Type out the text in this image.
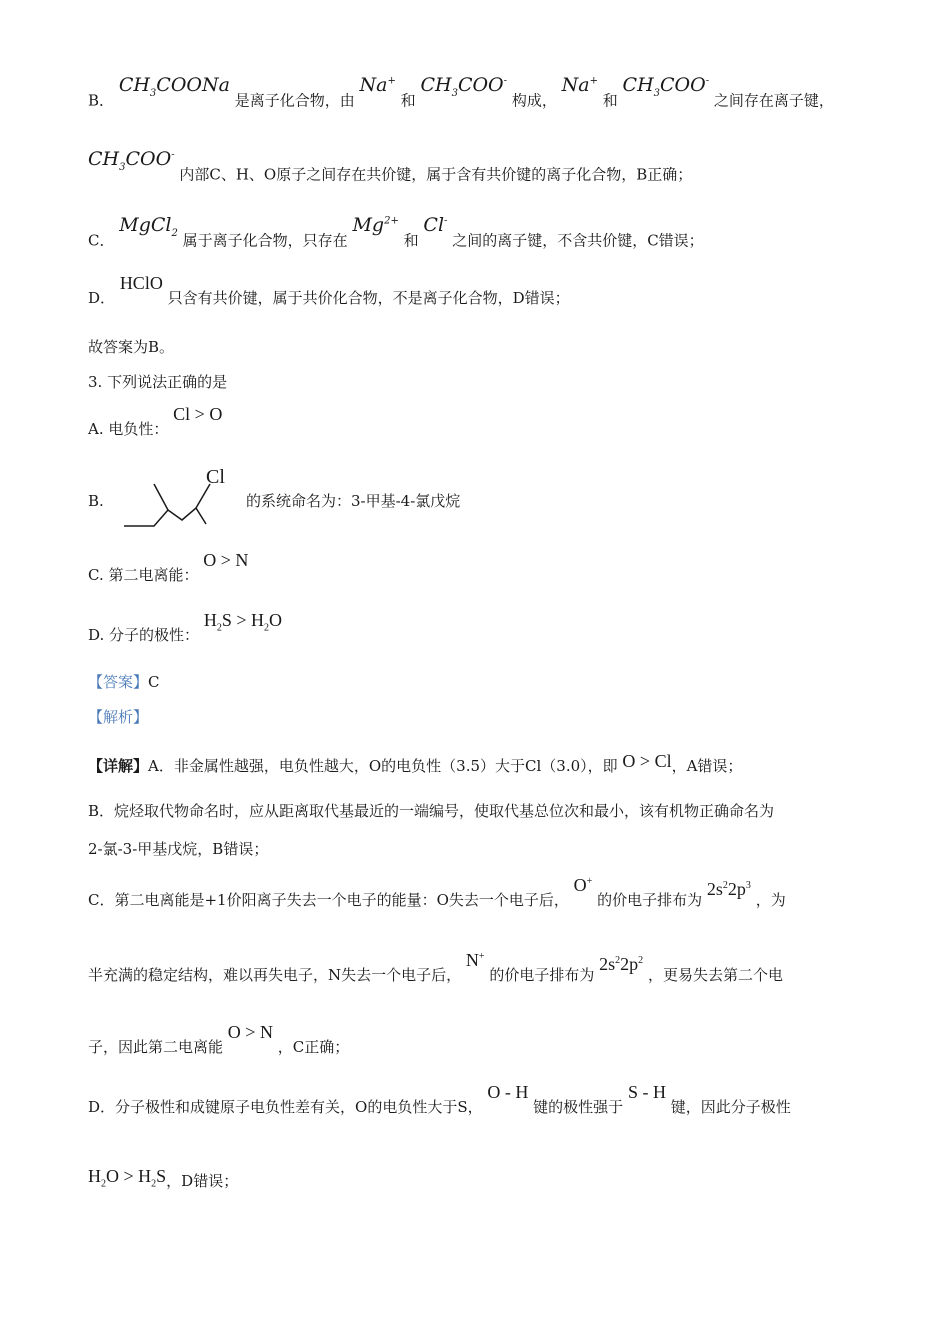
B． $CH_3COONa$ 是离子化合物，由 Na+ 和 $CH_3COO^-$ 构成， Na+ 和 $CH_3COO^-$ 之间存在离子键，
$CH_3COO^-$ 内部C、H、O原子之间存在共价键，属于含有共价键的离子化合物，B正确；
C． MgCl$_2$ 属于离子化合物，只存在 $Mg^{2+}$ 和 Cl- 之间的离子键，不含共价键，C错误；
D． HClO 只含有共价键，属于共价化合物，不是离子化合物，D错误；
故答案为B。
3. 下列说法正确的是
A. 电负性： Cl > O
B.
Cl
的系统命名为：3-甲基-4-氯戊烷
C. 第二电离能： O > N
D. 分子的极性： $H_2S > H_2O$
【答案】C
【解析】
【详解】A．非金属性越强，电负性越大，O的电负性（3.5）大于Cl（3.0），即 O > Cl，A错误；
B．烷烃取代物命名时，应从距离取代基最近的一端编号，使取代基总位次和最小，该有机物正确命名为
2-氯-3-甲基戊烷，B错误；
C．第二电离能是+1价阳离子失去一个电子的能量：O失去一个电子后， O+ 的价电子排布为 $2s^22p^3$ ，为
半充满的稳定结构，难以再失电子，N失去一个电子后， N+ 的价电子排布为 $2s^22p^2$ ，更易失去第二个电
子，因此第二电离能 O > N ，C正确；
D．分子极性和成键原子电负性差有关，O的电负性大于S， O - H 键的极性强于 S - H 键，因此分子极性
$H_2O > H_2S$，D错误；
